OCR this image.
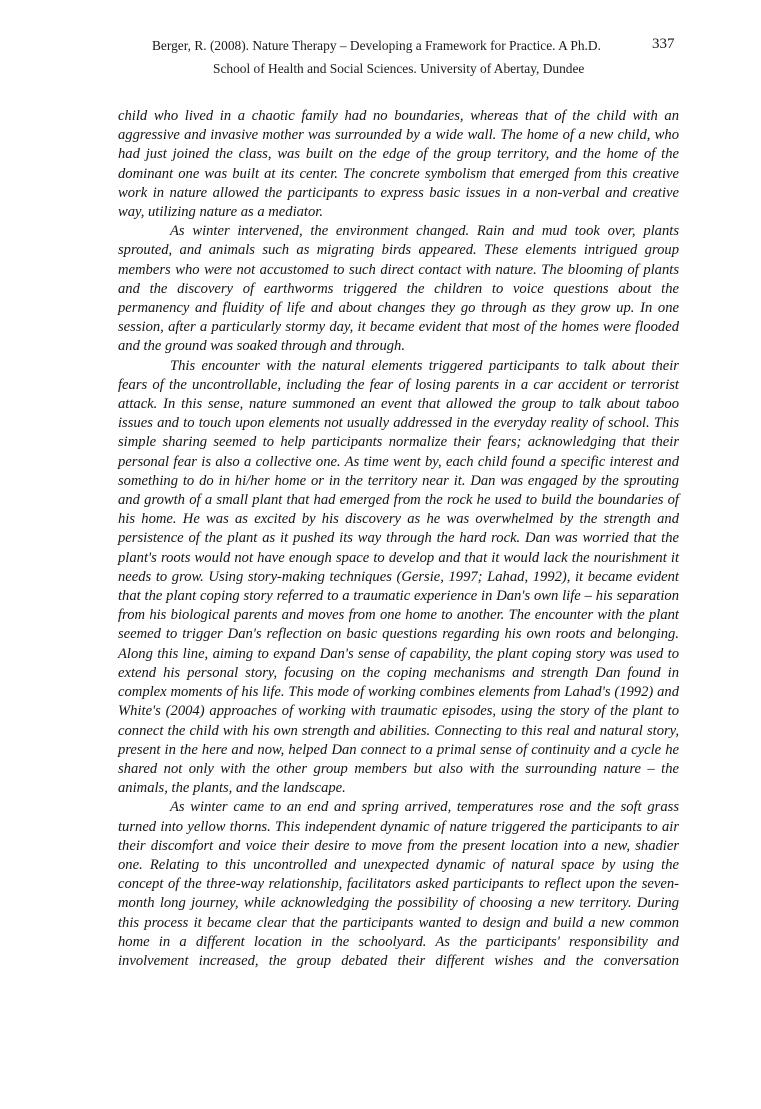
Berger, R. (2008). Nature Therapy – Developing a Framework for Practice. A Ph.D.	337
School of Health and Social Sciences. University of Abertay, Dundee

child who lived in a chaotic family had no boundaries, whereas that of the child with an aggressive and invasive mother was surrounded by a wide wall. The home of a new child, who had just joined the class, was built on the edge of the group territory, and the home of the dominant one was built at its center. The concrete symbolism that emerged from this creative work in nature allowed the participants to express basic issues in a non-verbal and creative way, utilizing nature as a mediator.

As winter intervened, the environment changed. Rain and mud took over, plants sprouted, and animals such as migrating birds appeared. These elements intrigued group members who were not accustomed to such direct contact with nature. The blooming of plants and the discovery of earthworms triggered the children to voice questions about the permanency and fluidity of life and about changes they go through as they grow up. In one session, after a particularly stormy day, it became evident that most of the homes were flooded and the ground was soaked through and through.

This encounter with the natural elements triggered participants to talk about their fears of the uncontrollable, including the fear of losing parents in a car accident or terrorist attack. In this sense, nature summoned an event that allowed the group to talk about taboo issues and to touch upon elements not usually addressed in the everyday reality of school. This simple sharing seemed to help participants normalize their fears; acknowledging that their personal fear is also a collective one. As time went by, each child found a specific interest and something to do in hi/her home or in the territory near it. Dan was engaged by the sprouting and growth of a small plant that had emerged from the rock he used to build the boundaries of his home. He was as excited by his discovery as he was overwhelmed by the strength and persistence of the plant as it pushed its way through the hard rock. Dan was worried that the plant's roots would not have enough space to develop and that it would lack the nourishment it needs to grow. Using story-making techniques (Gersie, 1997; Lahad, 1992), it became evident that the plant coping story referred to a traumatic experience in Dan's own life – his separation from his biological parents and moves from one home to another. The encounter with the plant seemed to trigger Dan's reflection on basic questions regarding his own roots and belonging. Along this line, aiming to expand Dan's sense of capability, the plant coping story was used to extend his personal story, focusing on the coping mechanisms and strength Dan found in complex moments of his life. This mode of working combines elements from Lahad's (1992) and White's (2004) approaches of working with traumatic episodes, using the story of the plant to connect the child with his own strength and abilities. Connecting to this real and natural story, present in the here and now, helped Dan connect to a primal sense of continuity and a cycle he shared not only with the other group members but also with the surrounding nature – the animals, the plants, and the landscape.

As winter came to an end and spring arrived, temperatures rose and the soft grass turned into yellow thorns. This independent dynamic of nature triggered the participants to air their discomfort and voice their desire to move from the present location into a new, shadier one. Relating to this uncontrolled and unexpected dynamic of natural space by using the concept of the three-way relationship, facilitators asked participants to reflect upon the seven- month long journey, while acknowledging the possibility of choosing a new territory. During this process it became clear that the participants wanted to design and build a new common home in a different location in the schoolyard. As the participants' responsibility and involvement increased, the group debated their different wishes and the conversation
